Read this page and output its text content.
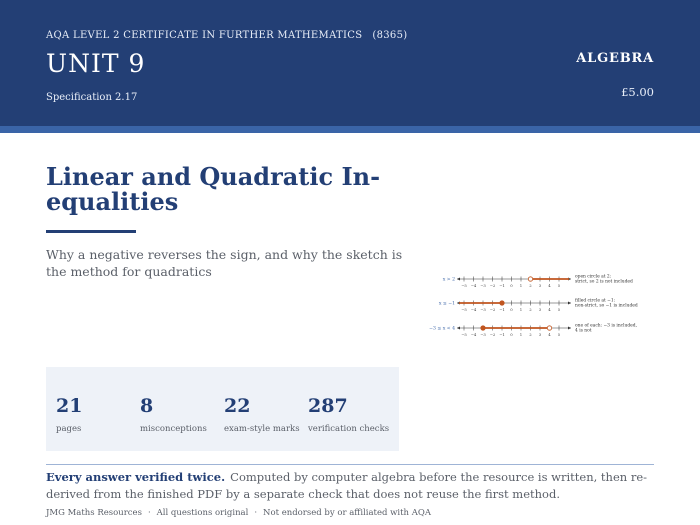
AQA LEVEL 2 CERTIFICATE IN FURTHER MATHEMATICS (8365)
UNIT 9
Specification 2.17
ALGEBRA
£5.00
Linear and Quadratic In-equalities
Why a negative reverses the sign, and why the sketch is the method for quadratics
x > 2
−5 −4 −3 −2 −1 0 1 2 3 4 5
open circle at 2:
strict, so 2 is not included
x ≤ −1
−5 −4 −3 −2 −1 0 1 2 3 4 5
filled circle at −1:
non-strict, so −1 is included
−3 ≤ x < 4
−5 −4 −3 −2 −1 0 1 2 3 4 5
one of each: −3 is included,
4 is not
21
pages
8
misconceptions
22
exam-style marks
287
verification checks
Every answer verified twice. Computed by computer algebra before the resource is written, then re-derived from the finished PDF by a separate check that does not reuse the first method.
JMG Maths Resources · All questions original · Not endorsed by or affiliated with AQA
